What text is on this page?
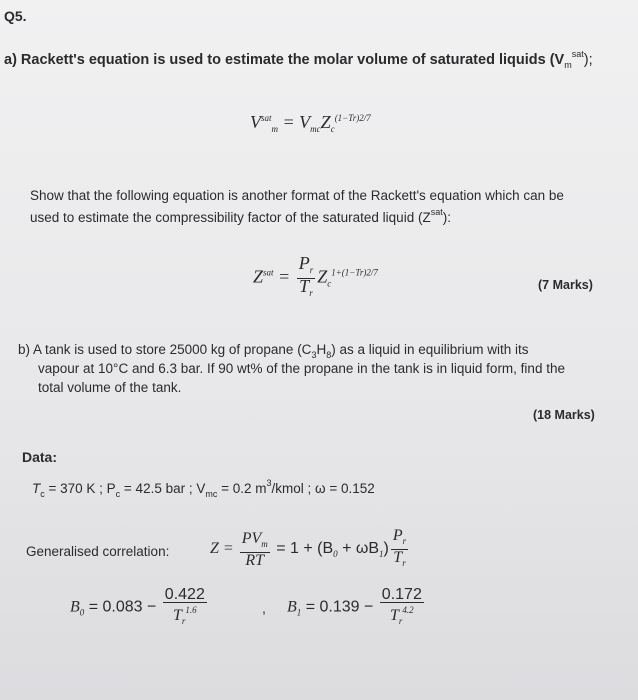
Q5.
a) Rackett's equation is used to estimate the molar volume of saturated liquids $(V_m^{sat})$;
$V^{sat}_m = V_{mc}Z_c^{(1-Tr)2/7}$
Show that the following equation is another format of the Rackett's equation which can be
used to estimate the compressibility factor of the saturated liquid $(Z^{sat})$:
$Z^{sat} = \frac{P_r}{T_r} Z_c^{1+(1-Tr)2/7}$
(7 Marks)
b) A tank is used to store 25000 kg of propane $(C_3H_8)$ as a liquid in equilibrium with its
vapour at 10°C and 6.3 bar. If 90 wt% of the propane in the tank is in liquid form, find the
total volume of the tank.
(18 Marks)
Data:
$T_c = 370$ K ; $P_c = 42.5$ bar ; $V_{mc} = 0.2$ $m^3$/kmol ; ω = 0.152
Generalised correlation:	$Z = \frac{PV_m}{RT} = 1 + (B_0 + \omega B_1) \frac{P_r}{T_r}$
$B_0 = 0.083 - \frac{0.422}{T_r^{1.6}}$	, $B_1 = 0.139 - \frac{0.172}{T_r^{4.2}}$
